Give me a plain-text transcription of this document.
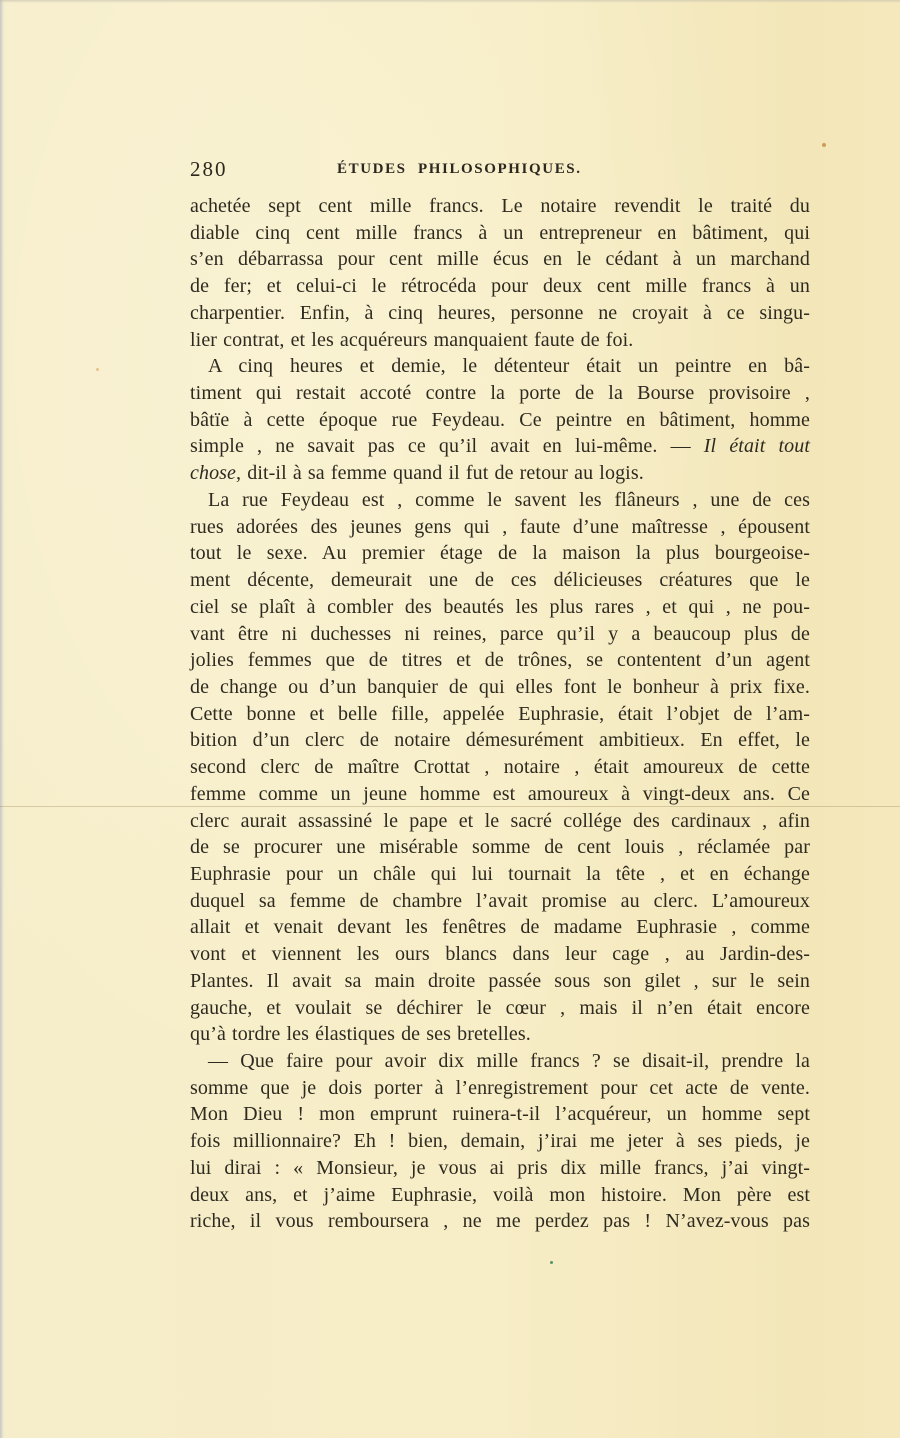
280	ÉTUDES PHILOSOPHIQUES.
achetée sept cent mille francs. Le notaire revendit le traité du
diable cinq cent mille francs à un entrepreneur en bâtiment, qui
s’en débarrassa pour cent mille écus en le cédant à un marchand
de fer; et celui-ci le rétrocéda pour deux cent mille francs à un
charpentier. Enfin, à cinq heures, personne ne croyait à ce singu-
lier contrat, et les acquéreurs manquaient faute de foi.
A cinq heures et demie, le détenteur était un peintre en bâ-
timent qui restait accoté contre la porte de la Bourse provisoire ,
bâtïe à cette époque rue Feydeau. Ce peintre en bâtiment, homme
simple , ne savait pas ce qu’il avait en lui-même. — Il était tout
chose, dit-il à sa femme quand il fut de retour au logis.
La rue Feydeau est , comme le savent les flâneurs , une de ces
rues adorées des jeunes gens qui , faute d’une maîtresse , épousent
tout le sexe. Au premier étage de la maison la plus bourgeoise-
ment décente, demeurait une de ces délicieuses créatures que le
ciel se plaît à combler des beautés les plus rares , et qui , ne pou-
vant être ni duchesses ni reines, parce qu’il y a beaucoup plus de
jolies femmes que de titres et de trônes, se contentent d’un agent
de change ou d’un banquier de qui elles font le bonheur à prix fixe.
Cette bonne et belle fille, appelée Euphrasie, était l’objet de l’am-
bition d’un clerc de notaire démesurément ambitieux. En effet, le
second clerc de maître Crottat , notaire , était amoureux de cette
femme comme un jeune homme est amoureux à vingt-deux ans. Ce
clerc aurait assassiné le pape et le sacré collége des cardinaux , afin
de se procurer une misérable somme de cent louis , réclamée par
Euphrasie pour un châle qui lui tournait la tête , et en échange
duquel sa femme de chambre l’avait promise au clerc. L’amoureux
allait et venait devant les fenêtres de madame Euphrasie , comme
vont et viennent les ours blancs dans leur cage , au Jardin-des-
Plantes. Il avait sa main droite passée sous son gilet , sur le sein
gauche, et voulait se déchirer le cœur , mais il n’en était encore
qu’à tordre les élastiques de ses bretelles.
— Que faire pour avoir dix mille francs ? se disait-il, prendre la
somme que je dois porter à l’enregistrement pour cet acte de vente.
Mon Dieu ! mon emprunt ruinera-t-il l’acquéreur, un homme sept
fois millionnaire? Eh ! bien, demain, j’irai me jeter à ses pieds, je
lui dirai : « Monsieur, je vous ai pris dix mille francs, j’ai vingt-
deux ans, et j’aime Euphrasie, voilà mon histoire. Mon père est
riche, il vous remboursera , ne me perdez pas ! N’avez-vous pas
